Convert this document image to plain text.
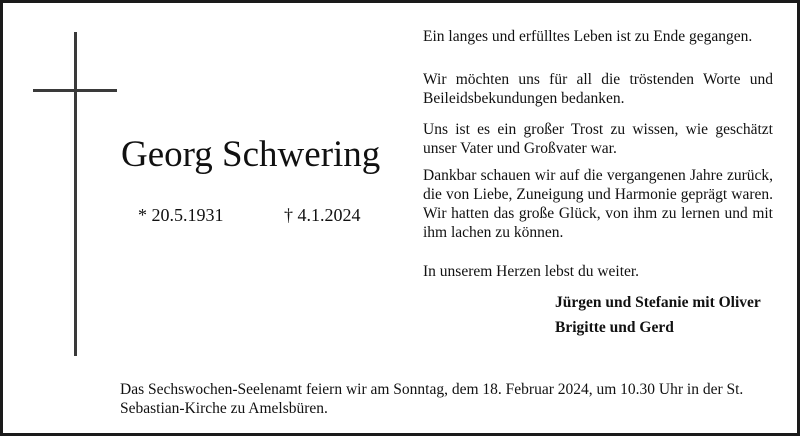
Georg Schwering
* 20.5.1931	† 4.1.2024

Ein langes und erfülltes Leben ist zu Ende gegangen.

Wir möchten uns für all die tröstenden Worte und Beileidsbekundungen bedanken.

Uns ist es ein großer Trost zu wissen, wie geschätzt unser Vater und Großvater war.

Dankbar schauen wir auf die vergangenen Jahre zurück, die von Liebe, Zuneigung und Harmonie geprägt waren. Wir hatten das große Glück, von ihm zu lernen und mit ihm lachen zu können.

In unserem Herzen lebst du weiter.

Jürgen und Stefanie mit Oliver
Brigitte und Gerd
Das Sechswochen-Seelenamt feiern wir am Sonntag, dem 18. Februar 2024, um 10.30 Uhr in der St. Sebastian-Kirche zu Amelsbüren.
